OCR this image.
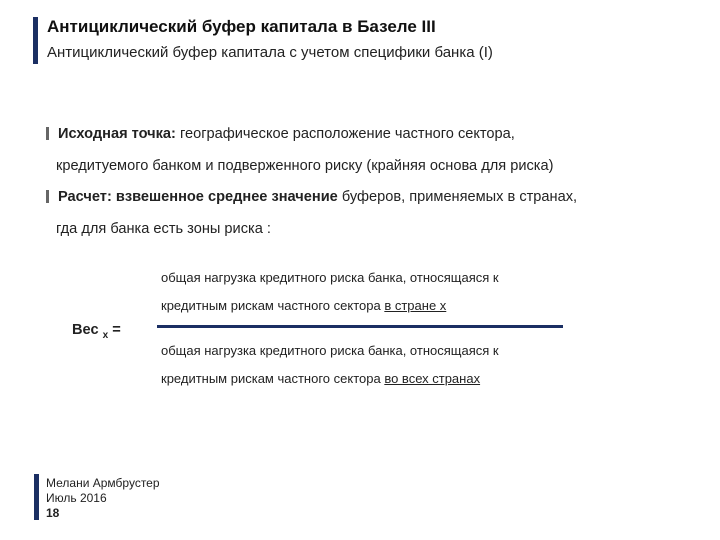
Антициклический буфер капитала в Базеле III
Антициклический буфер капитала с учетом специфики банка (I)
Исходная точка: географическое расположение частного сектора,
кредитуемого банком и подверженного риску (крайняя основа для риска)
Расчет: взвешенное среднее значение буферов, применяемых в странах,
гда для банка есть зоны риска :
общая нагрузка кредитного риска банка, относящаяся к
кредитным рискам частного сектора в стране х
Вес $_x$ =
общая нагрузка кредитного риска банка, относящаяся к
кредитным рискам частного сектора во всех странах
Мелани Армбрустер
Июль 2016
18
